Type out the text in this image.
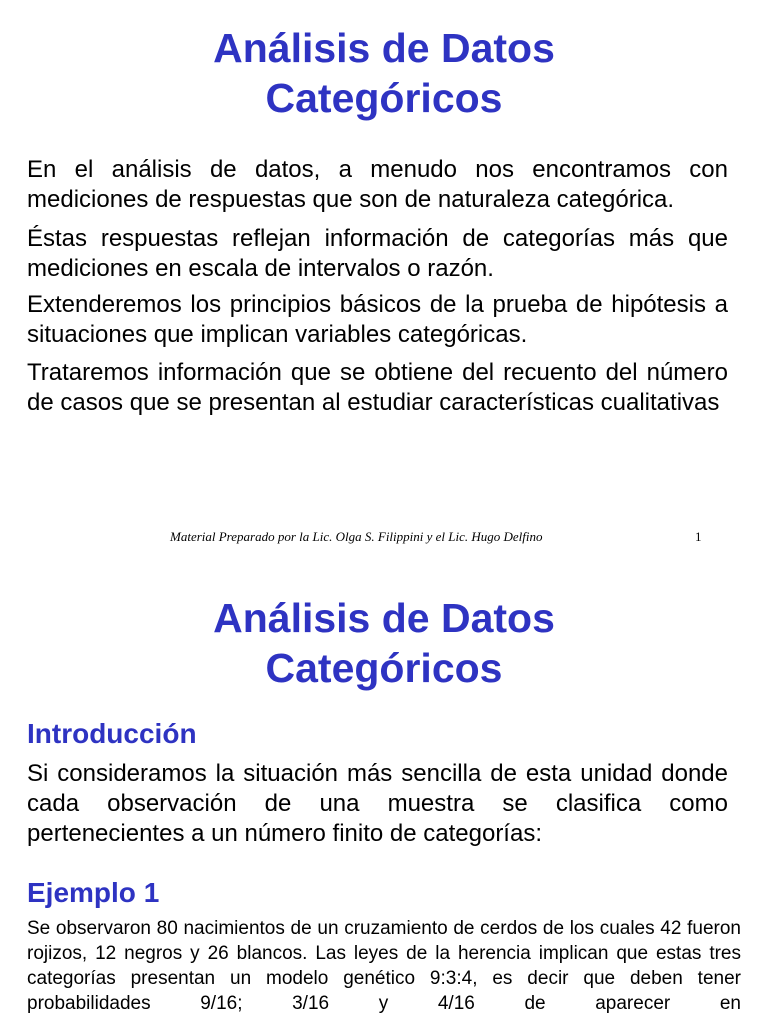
Análisis de Datos
Categóricos

En el análisis de datos, a menudo nos encontramos con mediciones de respuestas que son de naturaleza categórica.

Éstas respuestas reflejan información de categorías más que mediciones en escala de intervalos o razón.

Extenderemos los principios básicos de la prueba de hipótesis a situaciones que implican variables categóricas.

Trataremos información que se obtiene del recuento del número de casos que se presentan al estudiar características cualitativas

Material Preparado por la Lic. Olga S. Filippini y el Lic. Hugo Delfino	1
Análisis de Datos
Categóricos
Introducción

Si consideramos la situación más sencilla de esta unidad donde cada observación de una muestra se clasifica como pertenecientes a un número finito de categorías:

Ejemplo 1

Se observaron 80 nacimientos de un cruzamiento de cerdos de los cuales 42 fueron rojizos, 12 negros y 26 blancos. Las leyes de la herencia implican que estas tres categorías presentan un modelo genético 9:3:4, es decir que deben tener probabilidades 9/16; 3/16 y 4/16 de aparecer en
